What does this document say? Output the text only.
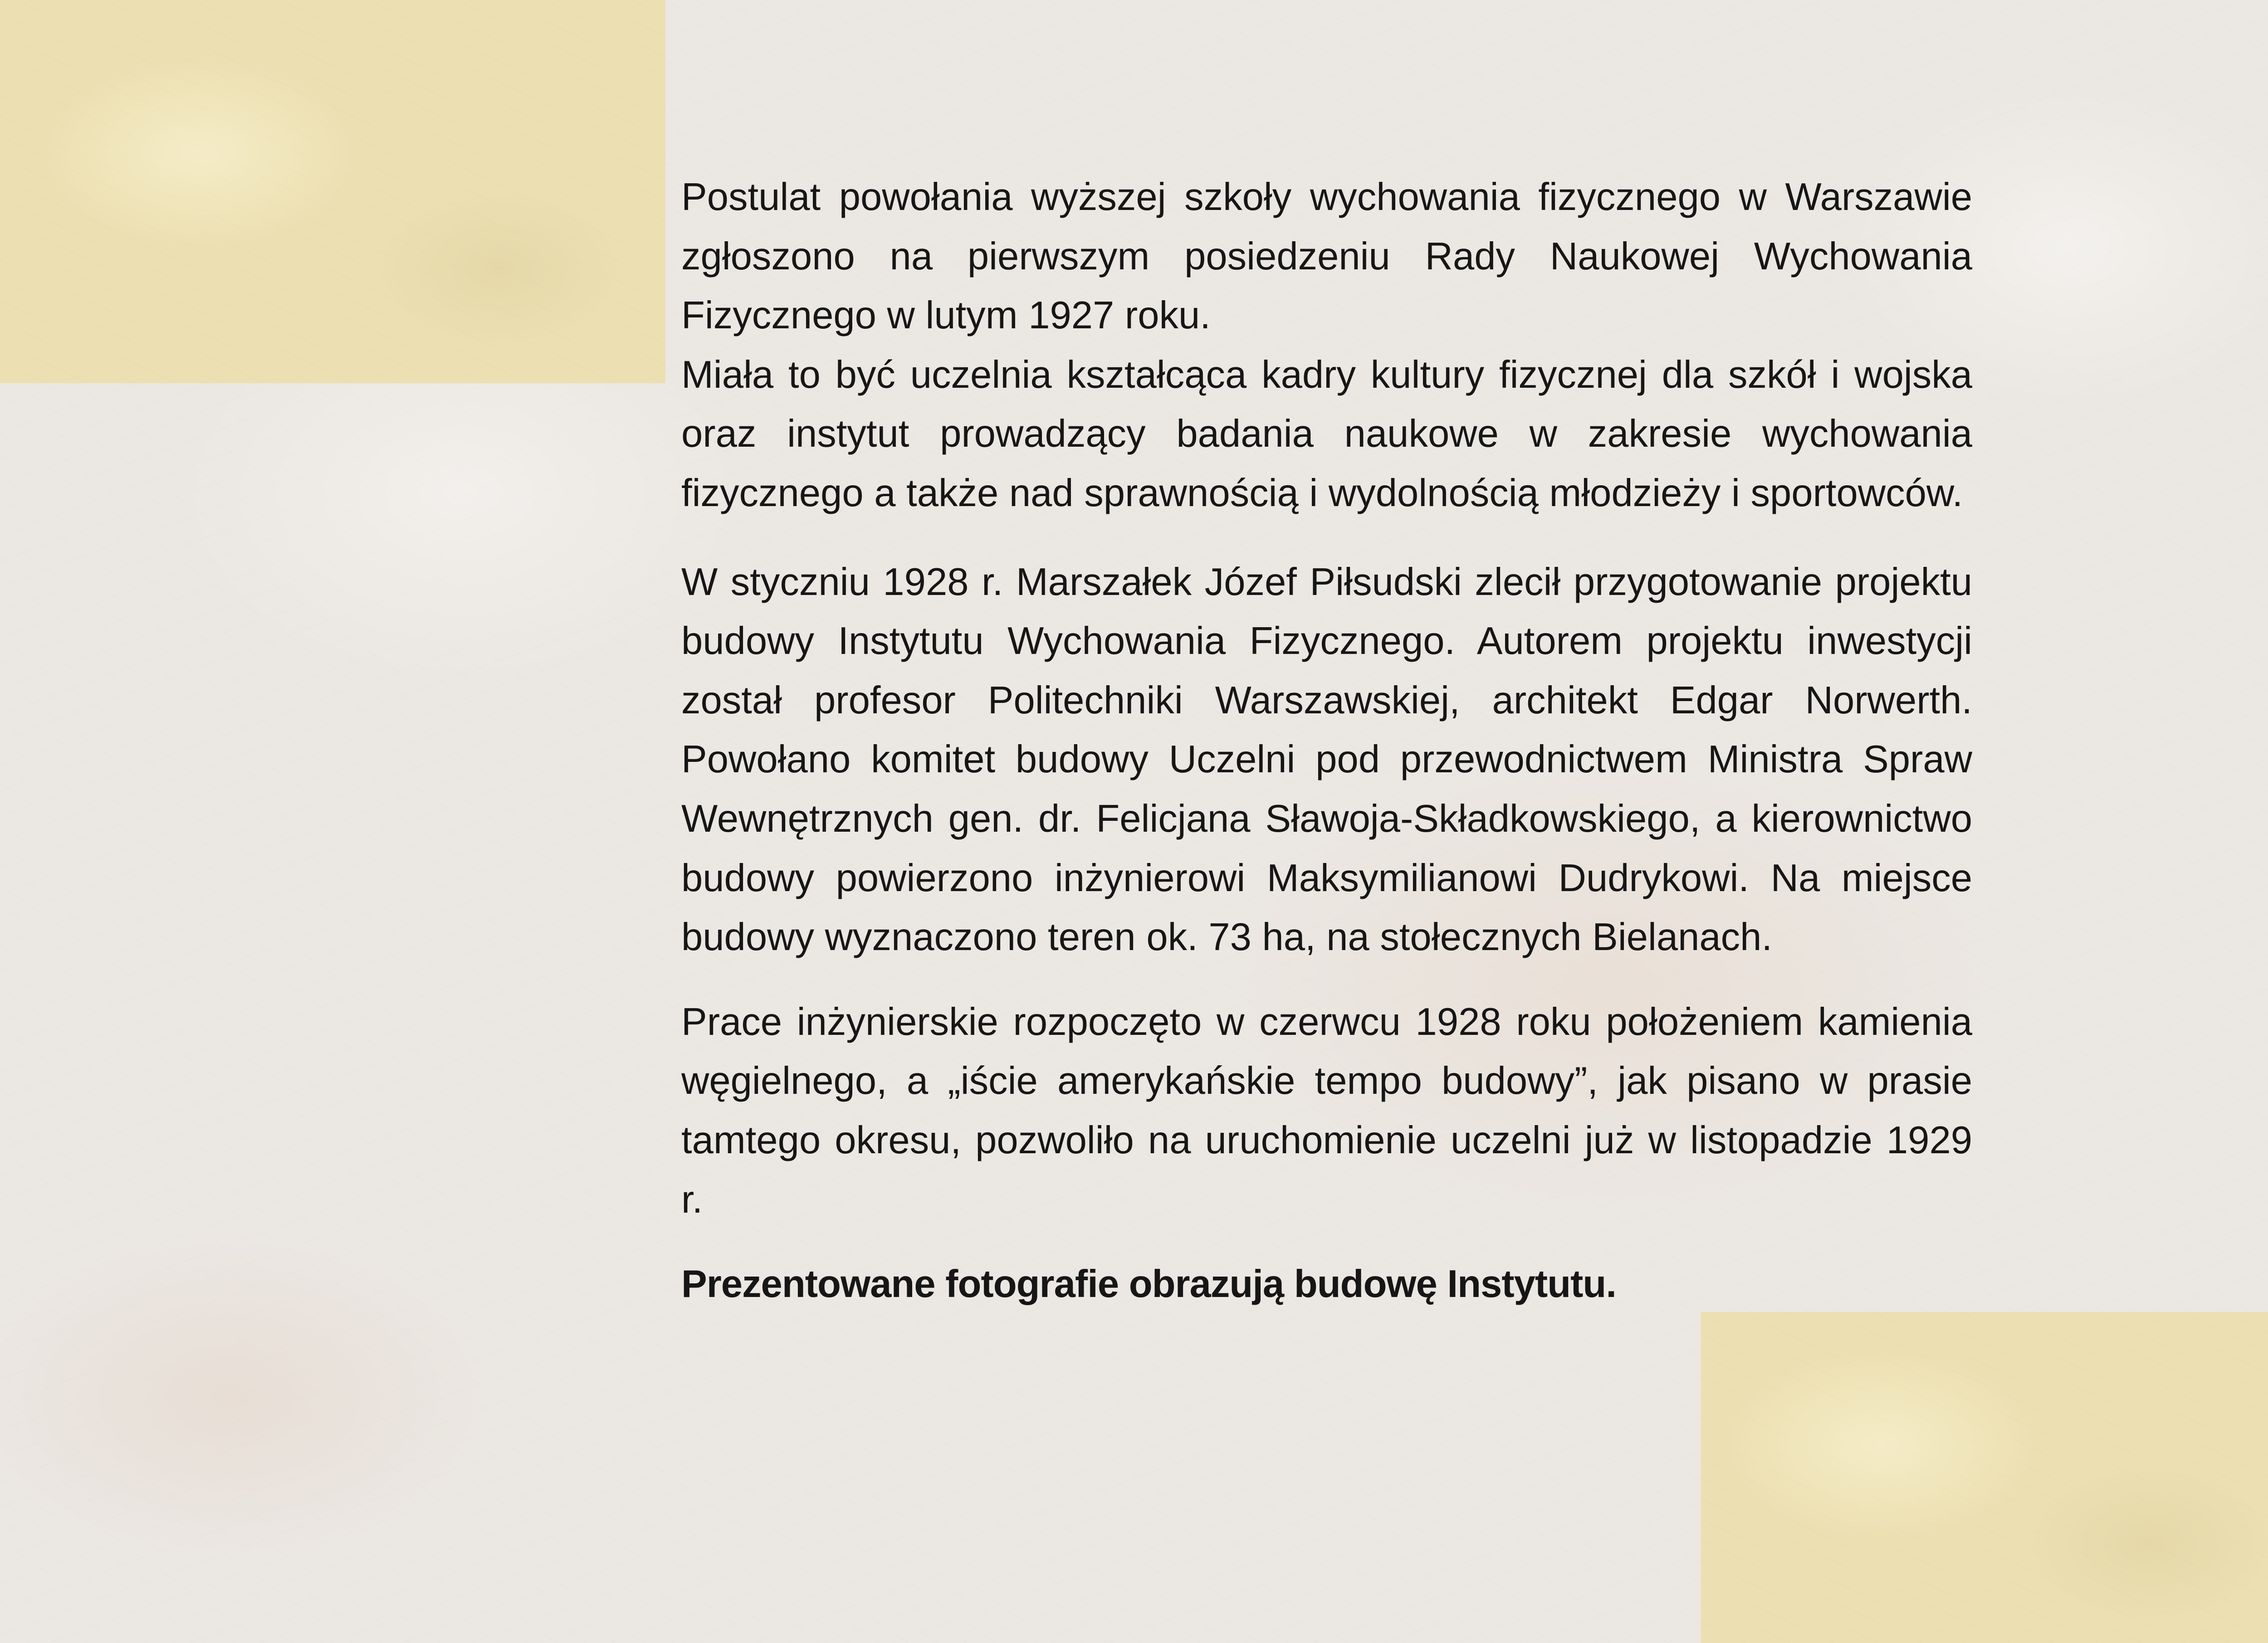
Postulat powołania wyższej szkoły wychowania fizycznego w Warszawie zgłoszono na pierwszym posiedzeniu Rady Naukowej Wychowania Fizycznego w lutym 1927 roku.

Miała to być uczelnia kształcąca kadry kultury fizycznej dla szkół i wojska oraz instytut prowadzący badania naukowe w zakresie wychowania fizycznego a także nad sprawnością i wydolnością młodzieży i sportowców.

W styczniu 1928 r. Marszałek Józef Piłsudski zlecił przygotowanie projektu budowy Instytutu Wychowania Fizycznego. Autorem projektu inwestycji został profesor Politechniki Warszawskiej, architekt Edgar Norwerth. Powołano komitet budowy Uczelni pod przewodnictwem Ministra Spraw Wewnętrznych gen. dr. Felicjana Sławoja-Składkowskiego, a kierownictwo budowy powierzono inżynierowi Maksymilianowi Dudrykowi. Na miejsce budowy wyznaczono teren ok. 73 ha, na stołecznych Bielanach.

Prace inżynierskie rozpoczęto w czerwcu 1928 roku położeniem kamienia węgielnego, a „iście amerykańskie tempo budowy”, jak pisano w prasie tamtego okresu, pozwoliło na uruchomienie uczelni już w listopadzie 1929 r.

Prezentowane fotografie obrazują budowę Instytutu.
